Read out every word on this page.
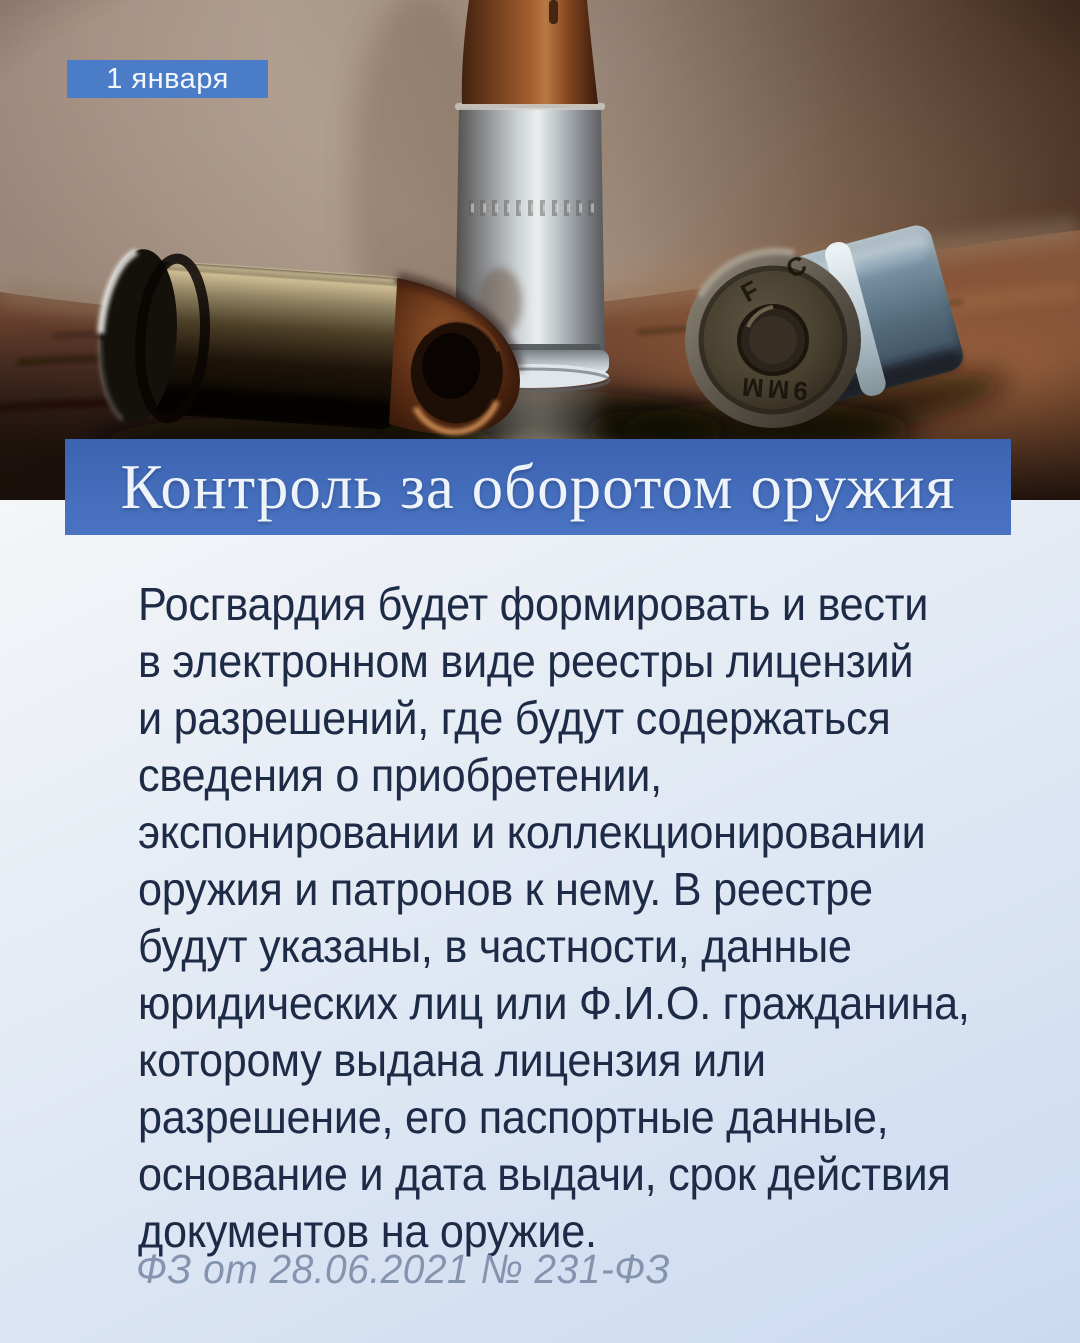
1 января
Контроль за оборотом оружия
Росгвардия будет формировать и вести
в электронном виде реестры лицензий
и разрешений, где будут содержаться
сведения о приобретении,
экспонировании и коллекционировании
оружия и патронов к нему. В реестре
будут указаны, в частности, данные
юридических лиц или Ф.И.О. гражданина,
которому выдана лицензия или
разрешение, его паспортные данные,
основание и дата выдачи, срок действия
документов на оружие.
ФЗ от 28.06.2021 № 231-ФЗ
